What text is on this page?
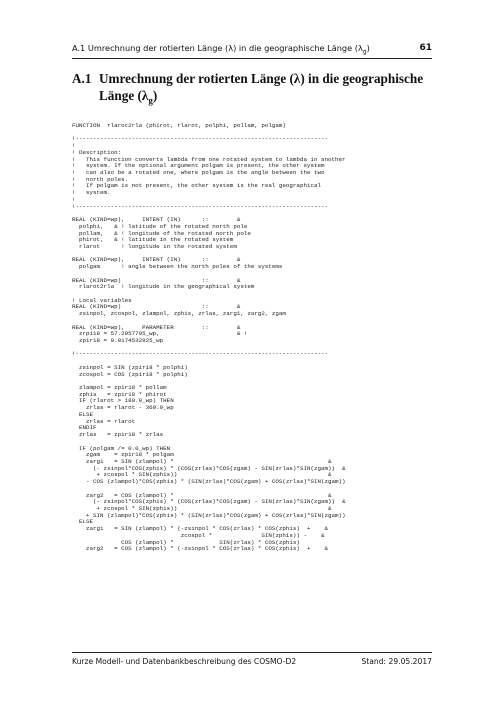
A.1 Umrechnung der rotierten Länge (λ) in die geographische Länge $(\lambda_g)$	61
A.1 Umrechnung der rotierten Länge (λ) in die geographische Länge $(\lambda_g)$
FUNCTION  rlarot2rla (phirot, rlarot, polphi, pollam, polgam)

!------------------------------------------------------------------------
!
! Description:
!   This function converts lambda from one rotated system to lambda in another
!   system. If the optional argument polgam is present, the other system
!   can also be a rotated one, where polgam is the angle between the two
!   north poles.
!   If polgam is not present, the other system is the real geographical
!   system.
!
!------------------------------------------------------------------------

REAL (KIND=wp),     INTENT (IN)      ::        &
polphi,   & ! latitude of the rotated north pole
pollam,   & ! longitude of the rotated north pole
phirot,   & ! latitude in the rotated system
rlarot      ! longitude in the rotated system

REAL (KIND=wp),     INTENT (IN)      ::        &
polgam      ! angle between the north poles of the systems

REAL (KIND=wp)                       ::        &
rlarot2rla  ! longitude in the geographical system

! Local variables
REAL (KIND=wp)                       ::        &
zsinpol, zcospol, zlampol, zphis, zrlas, zarg1, zarg2, zgam

REAL (KIND=wp),     PARAMETER        ::        &
zrpi18 = 57.2957795_wp,                      & !
zpir18 = 0.0174532925_wp

!------------------------------------------------------------------------

zsinpol = SIN (zpir18 * polphi)
zcospol = COS (zpir18 * polphi)

zlampol = zpir18 * pollam
zphis   = zpir18 * phirot
IF (rlarot > 180.0_wp) THEN
zrlas = rlarot - 360.0_wp
ELSE
zrlas = rlarot
ENDIF
zrlas   = zpir18 * zrlas

IF (polgam /= 0.0_wp) THEN
zgam    = zpir18 * polgam
zarg1   = SIN (zlampol) *                                            &
(- zsinpol*COS(zphis) * (COS(zrlas)*COS(zgam) - SIN(zrlas)*SIN(zgam))  &
+ zcospol * SIN(zphis))                                           &
- COS (zlampol)*COS(zphis) * (SIN(zrlas)*COS(zgam) + COS(zrlas)*SIN(zgam))

zarg2   = COS (zlampol) *                                            &
(- zsinpol*COS(zphis) * (COS(zrlas)*COS(zgam) - SIN(zrlas)*SIN(zgam))  &
+ zcospol * SIN(zphis))                                           &
+ SIN (zlampol)*COS(zphis) * (SIN(zrlas)*COS(zgam) + COS(zrlas)*SIN(zgam))
ELSE
zarg1   = SIN (zlampol) * (-zsinpol * COS(zrlas) * COS(zphis)  +    &
zcospol *              SIN(zphis)) -    &
COS (zlampol) *             SIN(zrlas) * COS(zphis)
zarg2   = COS (zlampol) * (-zsinpol * COS(zrlas) * COS(zphis)  +    &

Kurze Modell- und Datenbankbeschreibung des COSMO-D2	Stand: 29.05.2017
